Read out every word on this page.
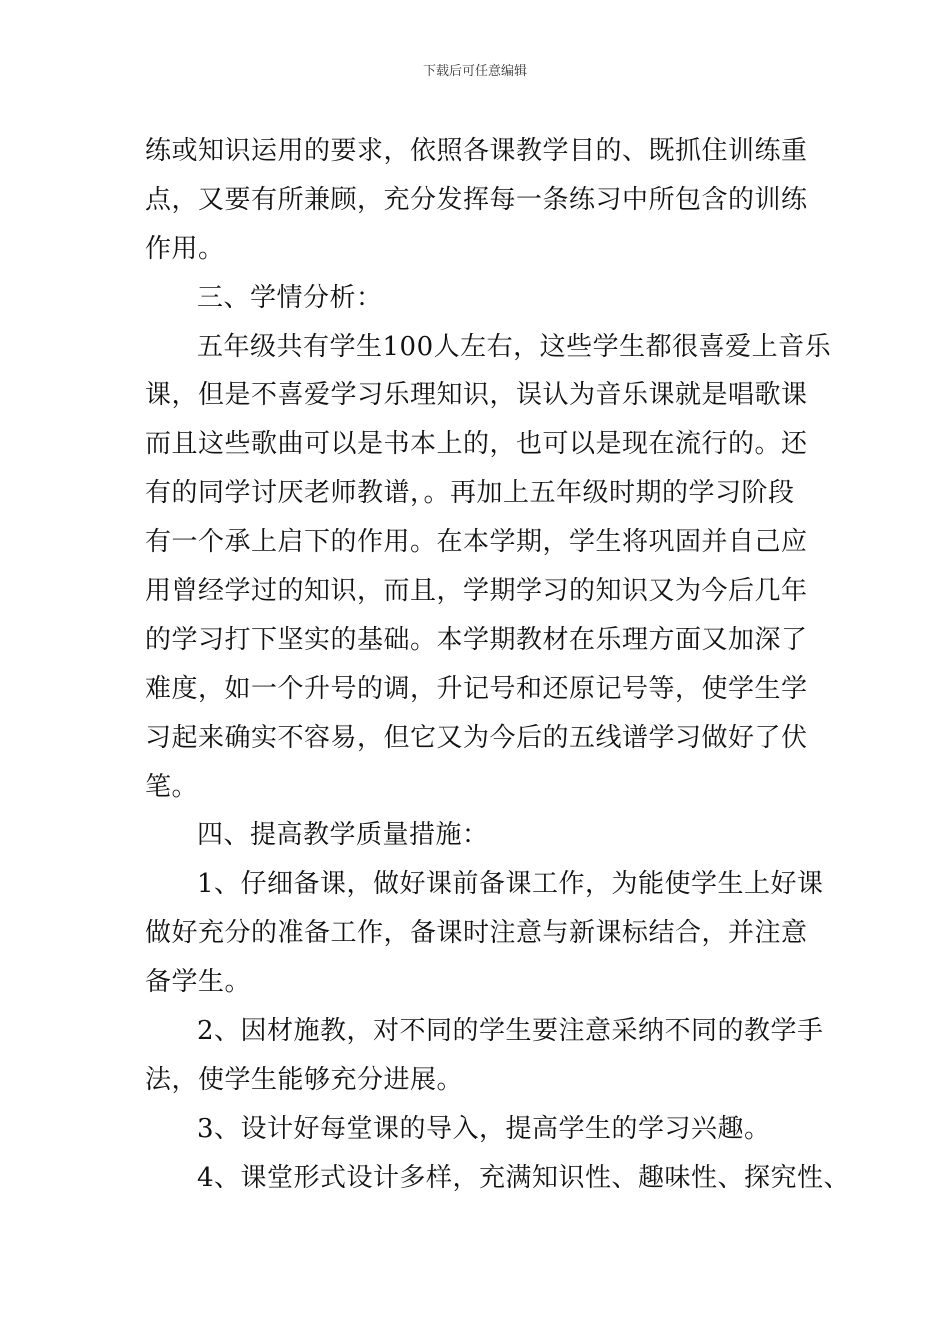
下载后可任意编辑
练或知识运用的要求，依照各课教学目的、既抓住训练重
点，又要有所兼顾，充分发挥每一条练习中所包含的训练
作用。
三、学情分析：
五年级共有学生100人左右，这些学生都很喜爱上音乐
课，但是不喜爱学习乐理知识，误认为音乐课就是唱歌课
而且这些歌曲可以是书本上的，也可以是现在流行的。还
有的同学讨厌老师教谱，。再加上五年级时期的学习阶段
有一个承上启下的作用。在本学期，学生将巩固并自己应
用曾经学过的知识，而且，学期学习的知识又为今后几年
的学习打下坚实的基础。本学期教材在乐理方面又加深了
难度，如一个升号的调，升记号和还原记号等，使学生学
习起来确实不容易，但它又为今后的五线谱学习做好了伏
笔。
四、提高教学质量措施：
1、仔细备课，做好课前备课工作，为能使学生上好课
做好充分的准备工作，备课时注意与新课标结合，并注意
备学生。
2、因材施教，对不同的学生要注意采纳不同的教学手
法，使学生能够充分进展。
3、设计好每堂课的导入，提高学生的学习兴趣。
4、课堂形式设计多样，充满知识性、趣味性、探究性、
